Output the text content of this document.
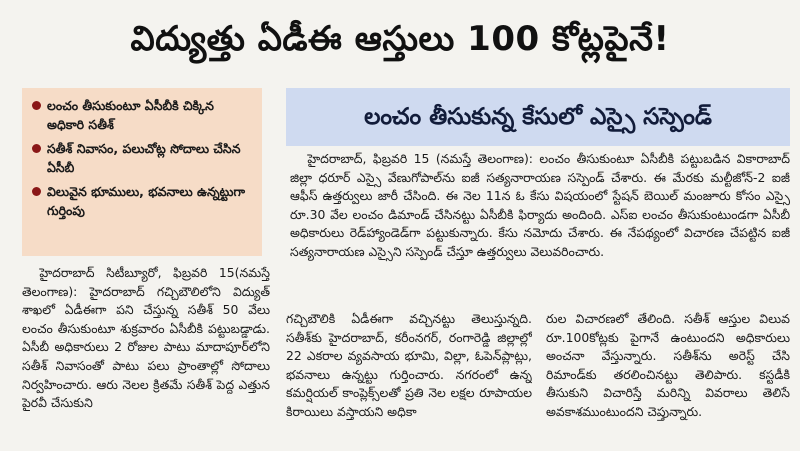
విద్యుత్తు ఏడీఈ ఆస్తులు 100 కోట్లపైనే!
లంచం తీసుకుంటూ ఏసీబీకి చిక్కిన అధికారి సతీశ్
సతీశ్ నివాసం, పలుచోట్ల సోదాలు చేసిన ఏసీబీ
విలువైన భూములు, భవనాలు ఉన్నట్టుగా గుర్తింపు
లంచం తీసుకున్న కేసులో ఎస్సై సస్పెండ్

హైదరాబాద్, ఫిబ్రవరి 15 (నమస్తే తెలంగాణ): లంచం తీసుకుంటూ ఏసీబీకి పట్టుబడిన వికారాబాద్ జిల్లా ధరూర్ ఎస్సై వేణుగోపాల్‌ను ఐజీ సత్యనారాయణ సస్పెండ్ చేశారు. ఈ మేరకు మల్టీజోన్-2 ఐజీ ఆఫీస్ ఉత్తర్వులు జారీ చేసింది. ఈ నెల 11న ఓ కేసు విషయంలో స్టేషన్ బెయిల్ మంజూరు కోసం ఎస్సై రూ.30 వేల లంచం డిమాండ్ చేసినట్టు ఏసీబీకి ఫిర్యాదు అందింది. ఎస్‌ఐ లంచం తీసుకుంటుండగా ఏసీబీ అధికారులు రెడ్‌హ్యాండెడ్‌గా పట్టుకున్నారు. కేసు నమోదు చేశారు. ఈ నేపథ్యంలో విచారణ చేపట్టిన ఐజీ సత్యనారాయణ ఎస్సైని సస్పెండ్ చేస్తూ ఉత్తర్వులు వెలువరించారు.

హైదరాబాద్ సిటీబ్యూరో, ఫిబ్రవరి 15(నమస్తే తెలంగాణ): హైదరాబాద్ గచ్చిబౌలిలోని విద్యుత్ శాఖలో ఏడీఈగా పని చేస్తున్న సతీశ్ 50 వేలు లంచం తీసుకుంటూ శుక్రవారం ఏసీబీకి పట్టుబడ్డాడు. ఏసీబీ అధికారులు 2 రోజుల పాటు మాదాపూర్‌లోని సతీశ్ నివాసంతో పాటు పలు ప్రాంతాల్లో సోదాలు నిర్వహించారు. ఆరు నెలల క్రితమే సతీశ్ పెద్ద ఎత్తున పైరవీ చేసుకుని

గచ్చిబౌలికి ఏడీఈగా వచ్చినట్టు తెలుస్తున్నది. సతీశ్‌కు హైదరాబాద్, కరీంనగర్, రంగారెడ్డి జిల్లాల్లో 22 ఎకరాల వ్యవసాయ భూమి, విల్లా, ఓపెన్‌ప్లాట్లు, భవనాలు ఉన్నట్టు గుర్తించారు. నగరంలో ఉన్న కమర్షియల్ కాంప్లెక్స్‌లతో ప్రతి నెల లక్షల రూపాయల కిరాయిలు వస్తాయని అధికా

రుల విచారణలో తేలింది. సతీశ్ ఆస్తుల విలువ రూ.100కోట్లకు పైగానే ఉంటుందని అధికారులు అంచనా వేస్తున్నారు. సతీశ్‌ను అరెస్ట్ చేసి రిమాండ్‌కు తరలించినట్టు తెలిపారు. కస్టడీకి తీసుకుని విచారిస్తే మరిన్ని వివరాలు తెలిసే అవకాశముంటుందని చెప్తున్నారు.
